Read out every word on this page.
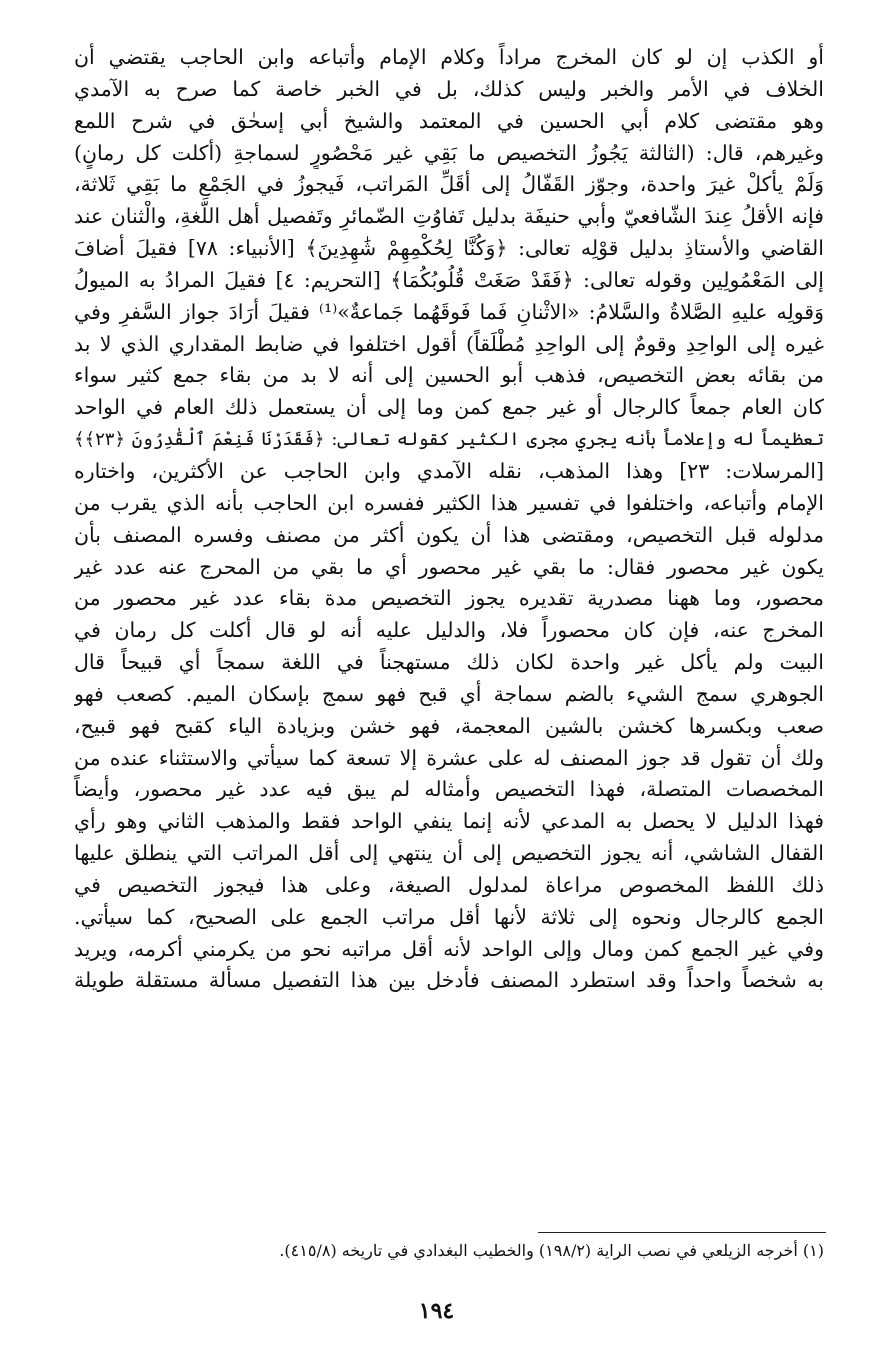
أو الكذب إن لو كان المخرج مراداً وكلام الإمام وأتباعه وابن الحاجب يقتضي أن
الخلاف في الأمر والخبر وليس كذلك، بل في الخبر خاصة كما صرح به الآمدي
وهو مقتضى كلام أبي الحسين في المعتمد والشيخ أبي إسحٰق في شرح اللمع
وغيرهم، قال: (الثالثة يَجُوزُ التخصيص ما بَقِي غير مَحْصُورٍ لسماجةِ (أكلت كل رمانٍ)
وَلَمْ يأكلْ غيرَ واحدة، وجوّز القَفّالُ إلى أقَلِّ المَراتب، فَيجوزُ في الجَمْعِ ما بَقِي ثَلاثة،
فإنه الأقلُ عِندَ الشّافعيّ وأبي حنيفَة بدليل تَفاوُتِ الضّمائرِ وتَفصيل أهل اللُّغةِ، والْثنان عند
القاضي والأستاذِ بدليل قوْلِه تعالى: ﴿وَكُنَّا لِحُكْمِهِمْ شَٰهِدِينَ﴾ [الأنبياء: ٧٨] فقيلَ أضافَ
إلى المَعْمُولِين وقوله تعالى: ﴿فَقَدْ صَغَتْ قُلُوبُكُمَا﴾ [التحريم: ٤] فقيلَ المرادُ به الميولُ
وَقولِه عليهِ الصَّلاةُ والسَّلامُ: «الاثْنانِ فَما فَوقَهُما جَماعةٌ»⁽¹⁾ فقيلَ أرَادَ جواز السَّفرِ وفي
غيره إلى الواحِدِ وقومٌ إلى الواحِدِ مُطْلَقاً) أقول اختلفوا في ضابط المقداري الذي لا بد
من بقائه بعض التخصيص، فذهب أبو الحسين إلى أنه لا بد من بقاء جمع كثير سواء
كان العام جمعاً كالرجال أو غير جمع كمن وما إلى أن يستعمل ذلك العام في الواحد
تعظيماً له وإعلاماً بأنه يجري مجرى الكثير كقوله تعالى: ﴿فَقَدَرْنَا فَنِعْمَ ٱلْقَٰدِرُونَ ﴿٢٣﴾﴾
[المرسلات: ٢٣] وهذا المذهب، نقله الآمدي وابن الحاجب عن الأكثرين، واختاره
الإمام وأتباعه، واختلفوا في تفسير هذا الكثير ففسره ابن الحاجب بأنه الذي يقرب من
مدلوله قبل التخصيص، ومقتضى هذا أن يكون أكثر من مصنف وفسره المصنف بأن
يكون غير محصور فقال: ما بقي غير محصور أي ما بقي من المحرج عنه عدد غير
محصور، وما ههنا مصدرية تقديره يجوز التخصيص مدة بقاء عدد غير محصور من
المخرج عنه، فإن كان محصوراً فلا، والدليل عليه أنه لو قال أكلت كل رمان في
البيت ولم يأكل غير واحدة لكان ذلك مستهجناً في اللغة سمجاً أي قبيحاً قال
الجوهري سمج الشيء بالضم سماجة أي قبح فهو سمج بإسكان الميم. كصعب فهو
صعب وبكسرها كخشن بالشين المعجمة، فهو خشن وبزيادة الياء كقبح فهو قبيح،
ولك أن تقول قد جوز المصنف له على عشرة إلا تسعة كما سيأتي والاستثناء عنده من
المخصصات المتصلة، فهذا التخصيص وأمثاله لم يبق فيه عدد غير محصور، وأيضاً
فهذا الدليل لا يحصل به المدعي لأنه إنما ينفي الواحد فقط والمذهب الثاني وهو رأي
القفال الشاشي، أنه يجوز التخصيص إلى أن ينتهي إلى أقل المراتب التي ينطلق عليها
ذلك اللفظ المخصوص مراعاة لمدلول الصيغة، وعلى هذا فيجوز التخصيص في
الجمع كالرجال ونحوه إلى ثلاثة لأنها أقل مراتب الجمع على الصحيح، كما سيأتي.
وفي غير الجمع كمن ومال وإلى الواحد لأنه أقل مراتبه نحو من يكرمني أكرمه، ويريد
به شخصاً واحداً وقد استطرد المصنف فأدخل بين هذا التفصيل مسألة مستقلة طويلة
(١) أخرجه الزيلعي في نصب الراية (١٩٨/٢) والخطيب البغدادي في تاريخه (٤١٥/٨).
١٩٤
